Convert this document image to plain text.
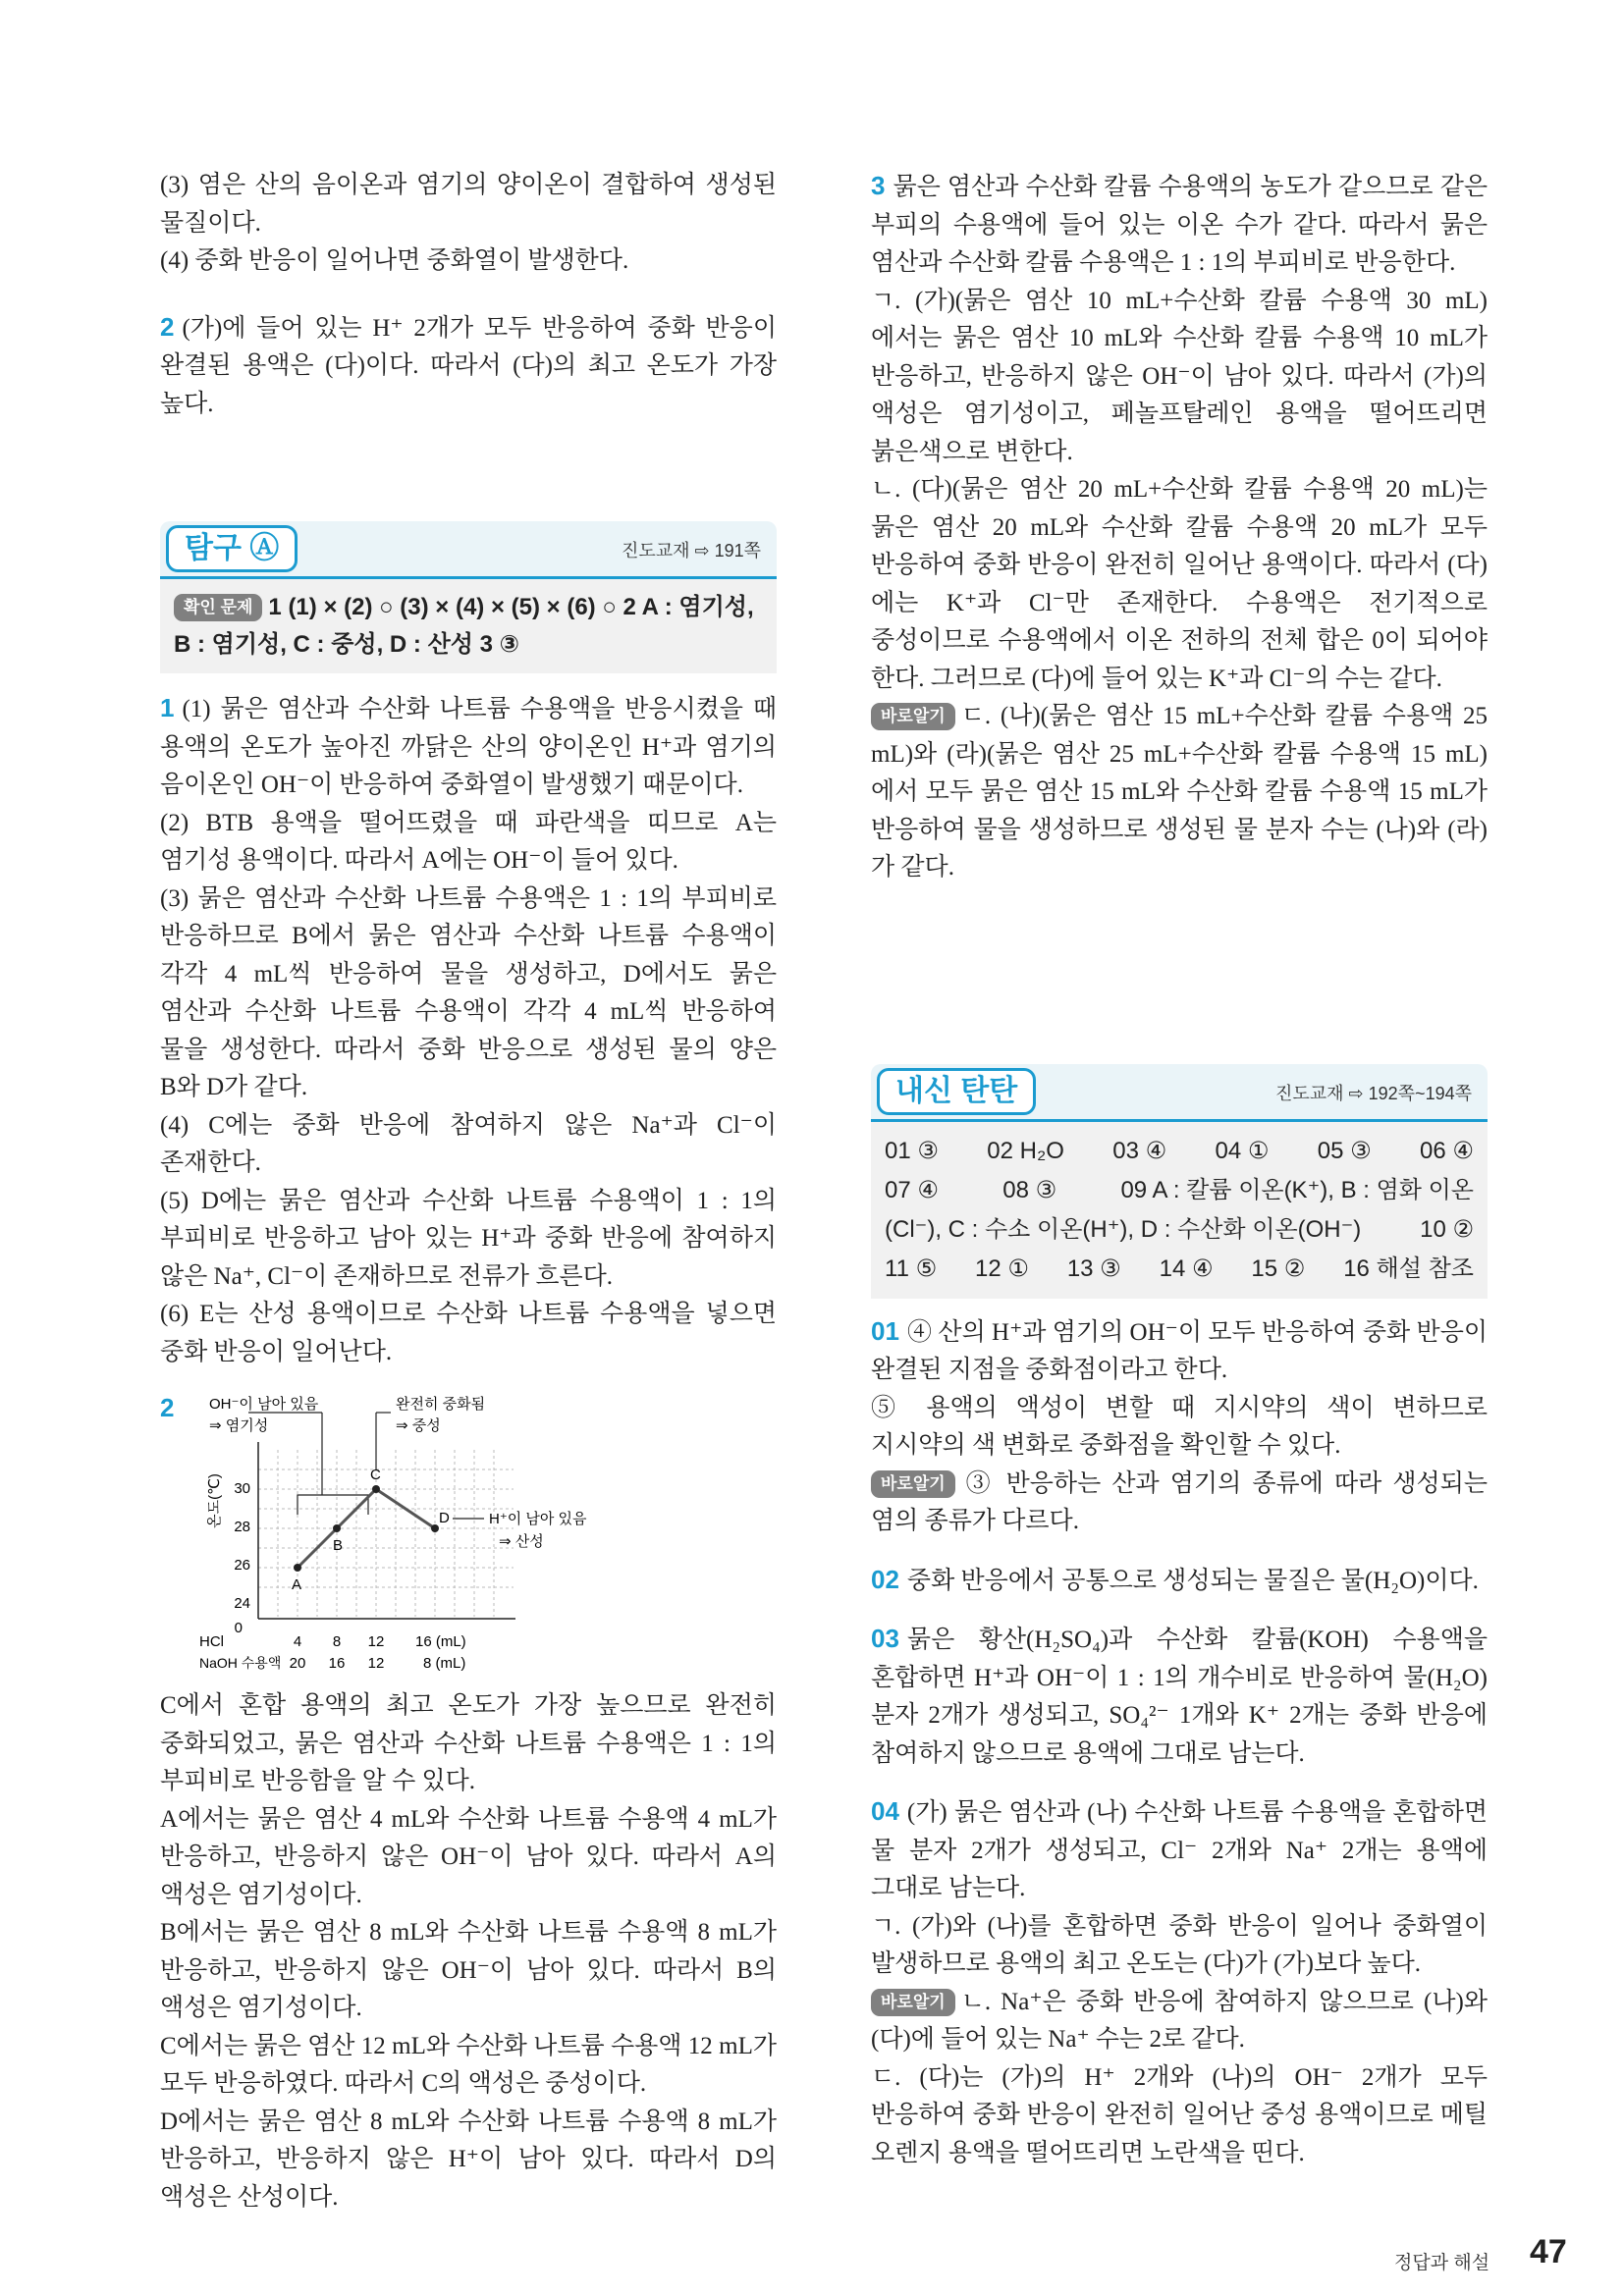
(3) 염은 산의 음이온과 염기의 양이온이 결합하여 생성된 물질이다.

(4) 중화 반응이 일어나면 중화열이 발생한다.

2 (가)에 들어 있는 H⁺ 2개가 모두 반응하여 중화 반응이 완결된 용액은 (다)이다. 따라서 (다)의 최고 온도가 가장 높다.

탐구 Ⓐ	진도교재 ⇨ 191쪽
확인 문제 1 (1) × (2) ○ (3) × (4) × (5) × (6) ○ 2 A : 염기성, B : 염기성, C : 중성, D : 산성 3 ③

1 (1) 묽은 염산과 수산화 나트륨 수용액을 반응시켰을 때 용액의 온도가 높아진 까닭은 산의 양이온인 H⁺과 염기의 음이온인 OH⁻이 반응하여 중화열이 발생했기 때문이다.

(2) BTB 용액을 떨어뜨렸을 때 파란색을 띠므로 A는 염기성 용액이다. 따라서 A에는 OH⁻이 들어 있다.

(3) 묽은 염산과 수산화 나트륨 수용액은 1 : 1의 부피비로 반응하므로 B에서 묽은 염산과 수산화 나트륨 수용액이 각각 4 mL씩 반응하여 물을 생성하고, D에서도 묽은 염산과 수산화 나트륨 수용액이 각각 4 mL씩 반응하여 물을 생성한다. 따라서 중화 반응으로 생성된 물의 양은 B와 D가 같다.

(4) C에는 중화 반응에 참여하지 않은 Na⁺과 Cl⁻이 존재한다.

(5) D에는 묽은 염산과 수산화 나트륨 수용액이 1 : 1의 부피비로 반응하고 남아 있는 H⁺과 중화 반응에 참여하지 않은 Na⁺, Cl⁻이 존재하므로 전류가 흐른다.

(6) E는 산성 용액이므로 수산화 나트륨 수용액을 넣으면 중화 반응이 일어난다.

2
30
28
26
24
0
온도(℃)
A
B
C
D
OH⁻이 남아 있음
⇒ 염기성
완전히 중화됨
⇒ 중성
H⁺이 남아 있음
⇒ 산성
HCl
NaOH 수용액
4 8 12 16 (mL)
20 16 12	8 (mL)

C에서 혼합 용액의 최고 온도가 가장 높으므로 완전히 중화되었고, 묽은 염산과 수산화 나트륨 수용액은 1 : 1의 부피비로 반응함을 알 수 있다.

A에서는 묽은 염산 4 mL와 수산화 나트륨 수용액 4 mL가 반응하고, 반응하지 않은 OH⁻이 남아 있다. 따라서 A의 액성은 염기성이다.

B에서는 묽은 염산 8 mL와 수산화 나트륨 수용액 8 mL가 반응하고, 반응하지 않은 OH⁻이 남아 있다. 따라서 B의 액성은 염기성이다.

C에서는 묽은 염산 12 mL와 수산화 나트륨 수용액 12 mL가 모두 반응하였다. 따라서 C의 액성은 중성이다.

D에서는 묽은 염산 8 mL와 수산화 나트륨 수용액 8 mL가 반응하고, 반응하지 않은 H⁺이 남아 있다. 따라서 D의 액성은 산성이다.

3 묽은 염산과 수산화 칼륨 수용액의 농도가 같으므로 같은 부피의 수용액에 들어 있는 이온 수가 같다. 따라서 묽은 염산과 수산화 칼륨 수용액은 1 : 1의 부피비로 반응한다.

ㄱ. (가)(묽은 염산 10 mL+수산화 칼륨 수용액 30 mL)에서는 묽은 염산 10 mL와 수산화 칼륨 수용액 10 mL가 반응하고, 반응하지 않은 OH⁻이 남아 있다. 따라서 (가)의 액성은 염기성이고, 페놀프탈레인 용액을 떨어뜨리면 붉은색으로 변한다.

ㄴ. (다)(묽은 염산 20 mL+수산화 칼륨 수용액 20 mL)는 묽은 염산 20 mL와 수산화 칼륨 수용액 20 mL가 모두 반응하여 중화 반응이 완전히 일어난 용액이다. 따라서 (다)에는 K⁺과 Cl⁻만 존재한다. 수용액은 전기적으로 중성이므로 수용액에서 이온 전하의 전체 합은 0이 되어야 한다. 그러므로 (다)에 들어 있는 K⁺과 Cl⁻의 수는 같다.

바로알기 ㄷ. (나)(묽은 염산 15 mL+수산화 칼륨 수용액 25 mL)와 (라)(묽은 염산 25 mL+수산화 칼륨 수용액 15 mL)에서 모두 묽은 염산 15 mL와 수산화 칼륨 수용액 15 mL가 반응하여 물을 생성하므로 생성된 물 분자 수는 (나)와 (라)가 같다.

내신 탄탄	진도교재 ⇨ 192쪽~194쪽
01 ③ 02 H₂O 03 ④ 04 ① 05 ③ 06 ④
07 ④	08 ③	09 A : 칼륨 이온(K⁺), B : 염화 이온
(Cl⁻), C : 수소 이온(H⁺), D : 수산화 이온(OH⁻) 10 ②
11 ⑤ 12 ① 13 ③ 14 ④ 15 ② 16 해설 참조

01 ④ 산의 H⁺과 염기의 OH⁻이 모두 반응하여 중화 반응이 완결된 지점을 중화점이라고 한다.

⑤ 용액의 액성이 변할 때 지시약의 색이 변하므로 지시약의 색 변화로 중화점을 확인할 수 있다.

바로알기 ③ 반응하는 산과 염기의 종류에 따라 생성되는 염의 종류가 다르다.

02 중화 반응에서 공통으로 생성되는 물질은 물(H₂O)이다.

03 묽은 황산(H₂SO₄)과 수산화 칼륨(KOH) 수용액을 혼합하면 H⁺과 OH⁻이 1 : 1의 개수비로 반응하여 물(H₂O) 분자 2개가 생성되고, SO₄²⁻ 1개와 K⁺ 2개는 중화 반응에 참여하지 않으므로 용액에 그대로 남는다.

04 (가) 묽은 염산과 (나) 수산화 나트륨 수용액을 혼합하면 물 분자 2개가 생성되고, Cl⁻ 2개와 Na⁺ 2개는 용액에 그대로 남는다.

ㄱ. (가)와 (나)를 혼합하면 중화 반응이 일어나 중화열이 발생하므로 용액의 최고 온도는 (다)가 (가)보다 높다.

바로알기 ㄴ. Na⁺은 중화 반응에 참여하지 않으므로 (나)와 (다)에 들어 있는 Na⁺ 수는 2로 같다.

ㄷ. (다)는 (가)의 H⁺ 2개와 (나)의 OH⁻ 2개가 모두 반응하여 중화 반응이 완전히 일어난 중성 용액이므로 메틸 오렌지 용액을 떨어뜨리면 노란색을 띤다.

정답과 해설 47
